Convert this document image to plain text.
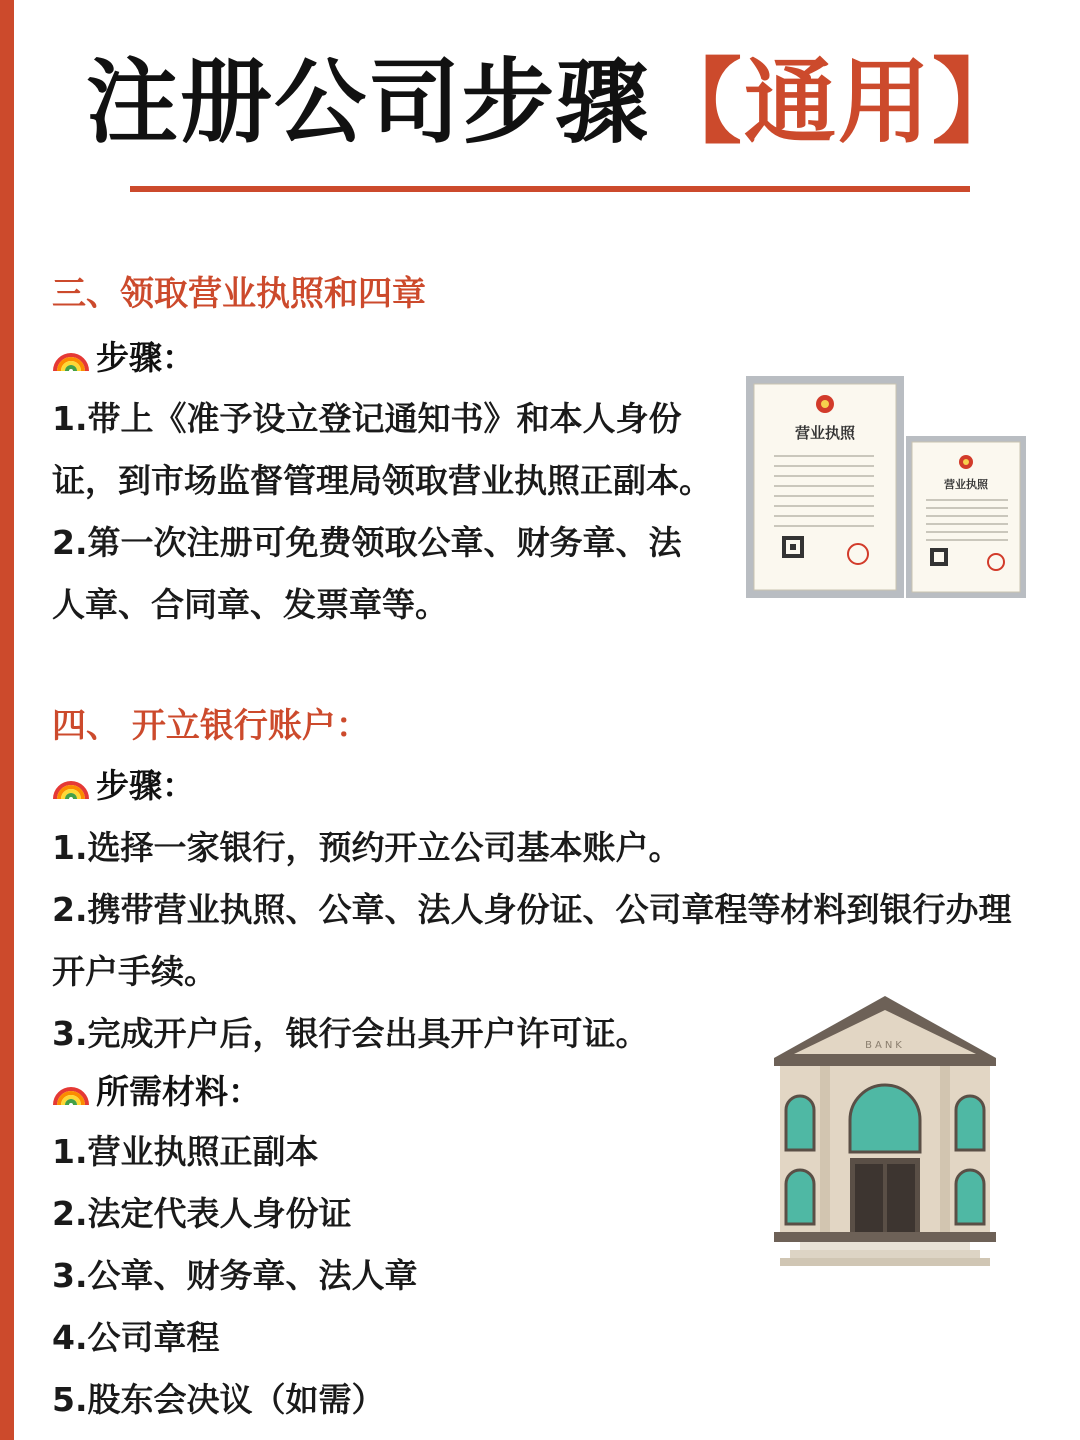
注册公司步骤【通用】
三、领取营业执照和四章
步骤：
1.带上《准予设立登记通知书》和本人身份
证，到市场监督管理局领取营业执照正副本。
2.第一次注册可免费领取公章、财务章、法
人章、合同章、发票章等。
营业执照
营业执照
四、 开立银行账户：
步骤：
1.选择一家银行，预约开立公司基本账户。
2.携带营业执照、公章、法人身份证、公司章程等材料到银行办理
开户手续。
3.完成开户后，银行会出具开户许可证。
所需材料：
1.营业执照正副本
2.法定代表人身份证
3.公章、财务章、法人章
4.公司章程
5.股东会决议（如需）
BANK
